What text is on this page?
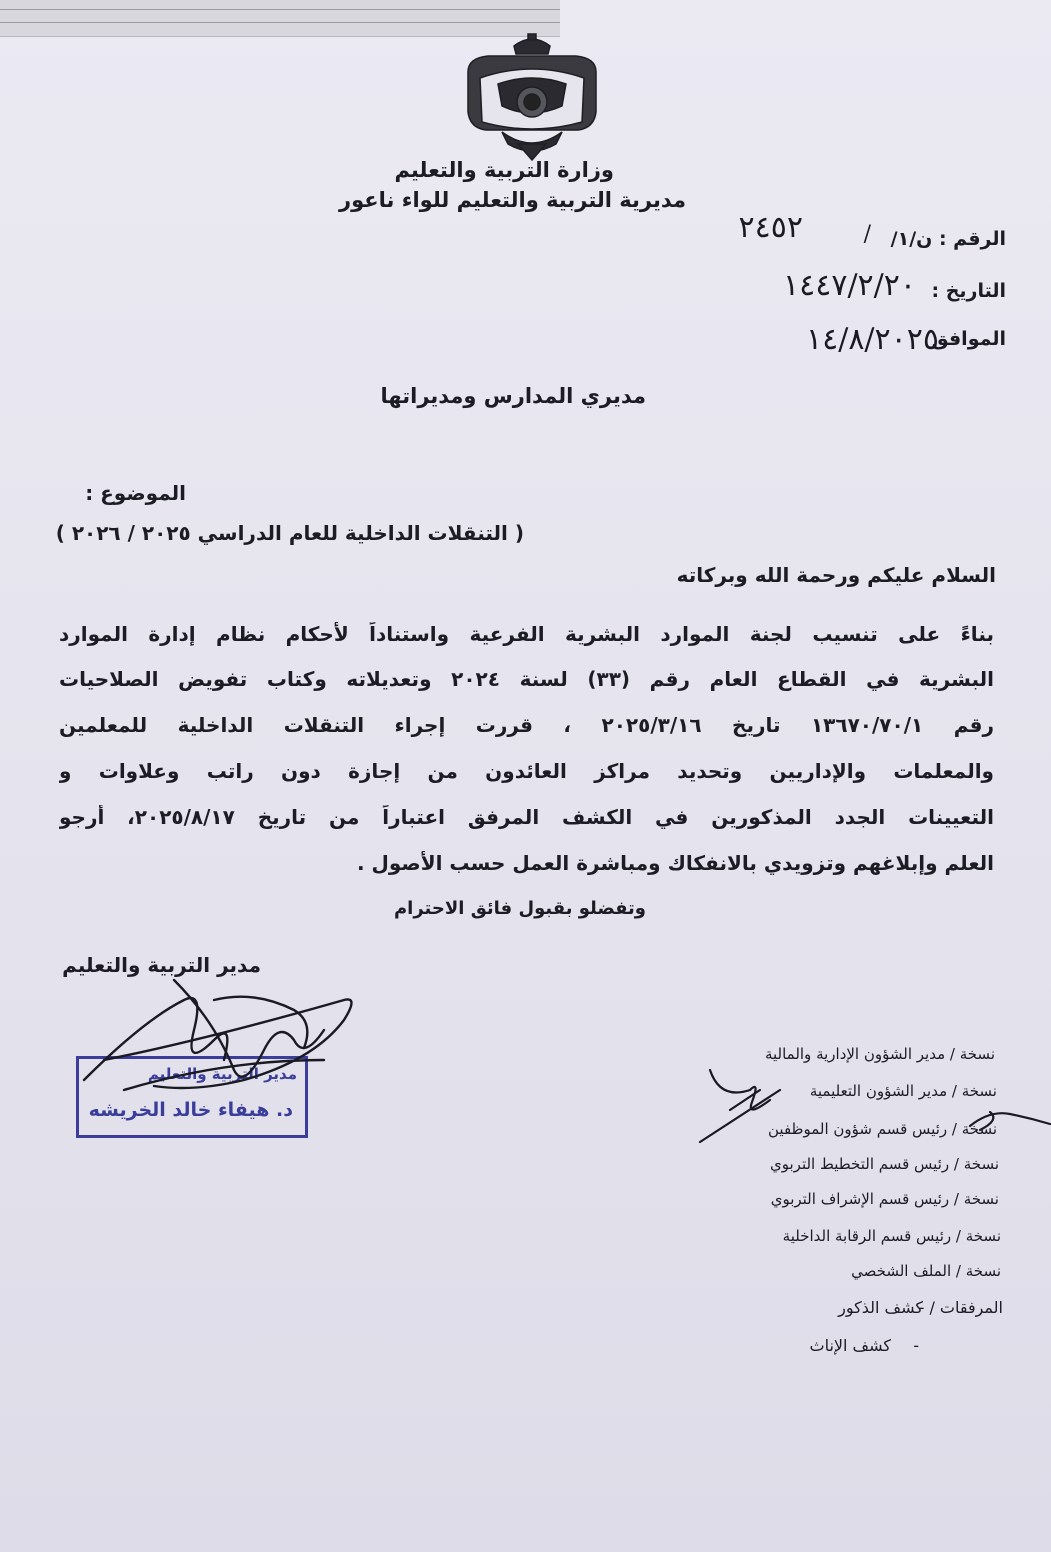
وزارة التربية والتعليم
مديرية التربية والتعليم للواء ناعور
الرقم : ن/١/
/
٢٤٥٢
التاريخ :
١٤٤٧/٢/٢٠
الموافق
١٤/٨/٢٠٢٥
مديري المدارس ومديراتها
الموضوع :
( التنقلات الداخلية للعام الدراسي ٢٠٢٥ / ٢٠٢٦ )
السلام عليكم ورحمة الله وبركاته
بناءً على تنسيب لجنة الموارد البشرية الفرعية واستناداً لأحكام نظام إدارة الموارد
البشرية في القطاع العام رقم (٣٣) لسنة ٢٠٢٤ وتعديلاته وكتاب تفويض الصلاحيات
رقم ١٣٦٧٠/٧٠/١ تاريخ ٢٠٢٥/٣/١٦ ، قررت إجراء التنقلات الداخلية للمعلمين
والمعلمات والإداريين وتحديد مراكز العائدون من إجازة دون راتب وعلاوات و
التعيينات الجدد المذكورين في الكشف المرفق اعتباراً من تاريخ ٢٠٢٥/٨/١٧، أرجو
العلم وإبلاغهم وتزويدي بالانفكاك ومباشرة العمل حسب الأصول .
وتفضلو بقبول فائق الاحترام
مدير التربية والتعليم
مدير التربية والتعليم
د. هيفاء خالد الخريشه
نسخة / مدير الشؤون الإدارية والمالية
نسخة / مدير الشؤون التعليمية
نسخة / رئيس قسم شؤون الموظفين
نسخة / رئيس قسم التخطيط التربوي
نسخة / رئيس قسم الإشراف التربوي
نسخة / رئيس قسم الرقابة الداخلية
نسخة / الملف الشخصي
المرفقات / -
كشف الذكور
-
كشف الإناث
